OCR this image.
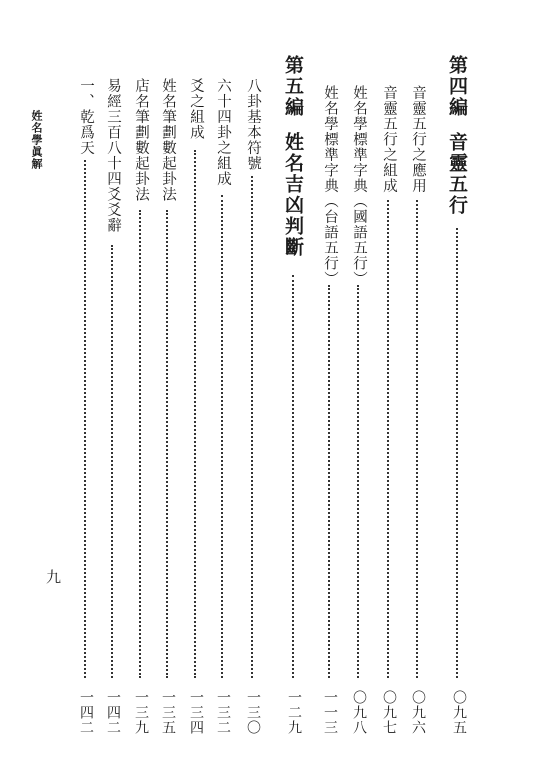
第四編音靈五行
〇九五
音靈五行之應用
〇九六
音靈五行之組成
〇九七
姓名學標準字典（國語五行）
〇九八
姓名學標準字典（台語五行）
一一三
第五編姓名吉凶判斷
一二九
八卦基本符號
一三〇
六十四卦之組成
一三二
爻之組成
一三四
姓名筆劃數起卦法
一三五
店名筆劃數起卦法
一三九
易經三百八十四爻爻辭
一四二
一、乾爲天
一四二
姓名學眞解
九
